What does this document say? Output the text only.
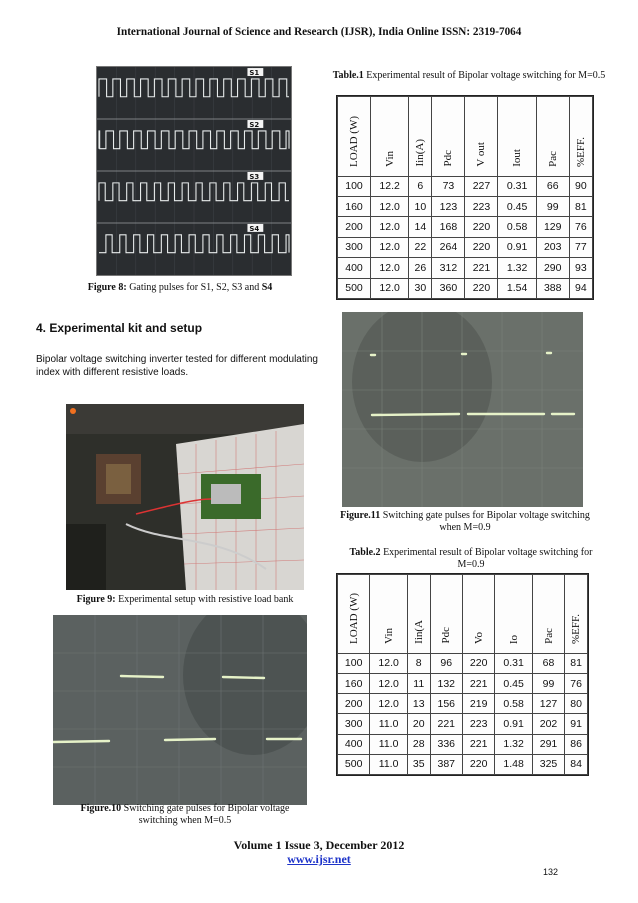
International Journal of Science and Research (IJSR), India Online ISSN: 2319-7064
S1
S2
S3
S4
Figure 8: Gating pulses for S1, S2, S3 and S4
4. Experimental kit and setup
Bipolar voltage switching inverter tested for different modulating index with different resistive loads.
Figure 9: Experimental setup with resistive load bank
Figure.10 Switching gate pulses for Bipolar voltage switching when M=0.5
Table.1 Experimental result of Bipolar voltage switching for M=0.5
LOAD (W)	Vin	Iin(A)	Pdc	V out	Iout	Pac	%EFF.
100	12.2	6	73	227	0.31	66	90
160	12.0	10	123	223	0.45	99	81
200	12.0	14	168	220	0.58	129	76
300	12.0	22	264	220	0.91	203	77
400	12.0	26	312	221	1.32	290	93
500	12.0	30	360	220	1.54	388	94
Figure.11 Switching gate pulses for Bipolar voltage switching when M=0.9
Table.2 Experimental result of Bipolar voltage switching for M=0.9
LOAD (W)	Vin	Iin(A	Pdc	Vo	Io	Pac	%EFF.
100	12.0	8	96	220	0.31	68	81
160	12.0	11	132	221	0.45	99	76
200	12.0	13	156	219	0.58	127	80
300	11.0	20	221	223	0.91	202	91
400	11.0	28	336	221	1.32	291	86
500	11.0	35	387	220	1.48	325	84
Volume 1 Issue 3, December 2012
www.ijsr.net
132
